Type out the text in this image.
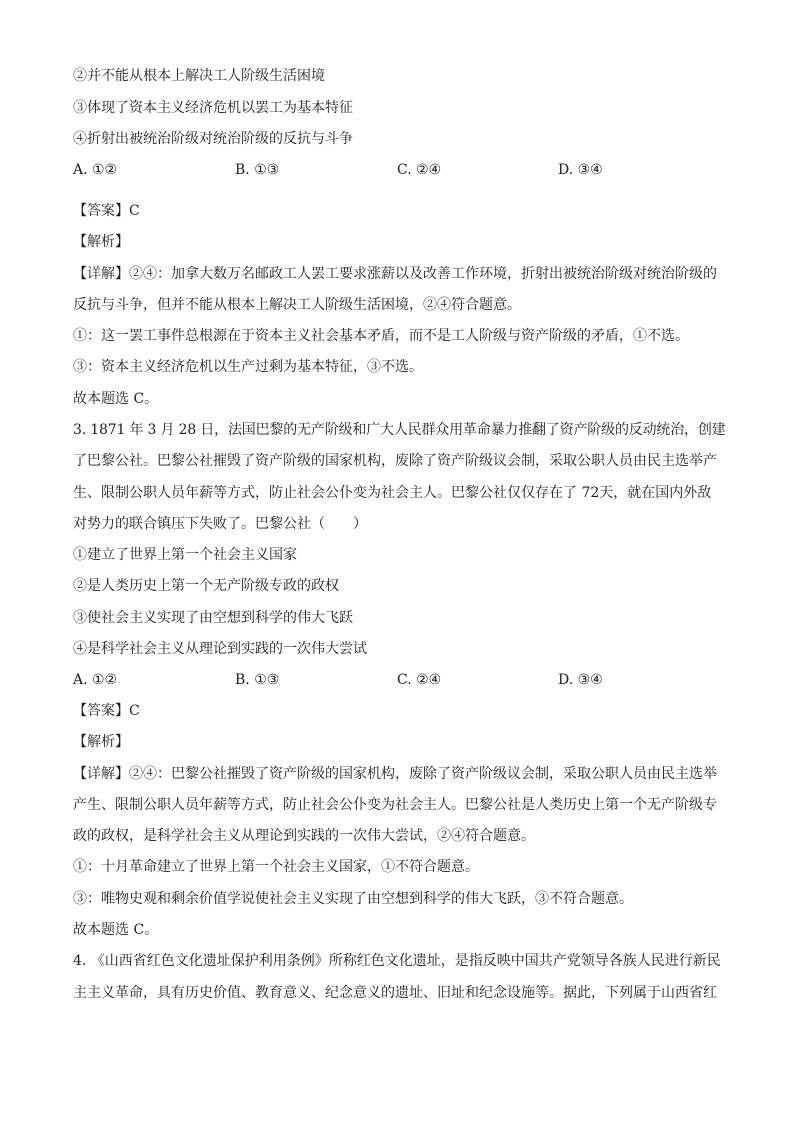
②并不能从根本上解决工人阶级生活困境
③体现了资本主义经济危机以罢工为基本特征
④折射出被统治阶级对统治阶级的反抗与斗争
A. ①②	B. ①③	C. ②④	D. ③④
【答案】C
【解析】
【详解】②④：加拿大数万名邮政工人罢工要求涨薪以及改善工作环境，折射出被统治阶级对统治阶级的
反抗与斗争，但并不能从根本上解决工人阶级生活困境，②④符合题意。
①：这一罢工事件总根源在于资本主义社会基本矛盾，而不是工人阶级与资产阶级的矛盾，①不选。
③：资本主义经济危机以生产过剩为基本特征，③不选。
故本题选 C。
3. 1871 年 3 月 28 日，法国巴黎的无产阶级和广大人民群众用革命暴力推翻了资产阶级的反动统治，创建
了巴黎公社。巴黎公社摧毁了资产阶级的国家机构，废除了资产阶级议会制，采取公职人员由民主选举产
生、限制公职人员年薪等方式，防止社会公仆变为社会主人。巴黎公社仅仅存在了 72天，就在国内外敌
对势力的联合镇压下失败了。巴黎公社（　　）
①建立了世界上第一个社会主义国家
②是人类历史上第一个无产阶级专政的政权
③使社会主义实现了由空想到科学的伟大飞跃
④是科学社会主义从理论到实践的一次伟大尝试
A. ①②	B. ①③	C. ②④	D. ③④
【答案】C
【解析】
【详解】②④：巴黎公社摧毁了资产阶级的国家机构，废除了资产阶级议会制，采取公职人员由民主选举
产生、限制公职人员年薪等方式，防止社会公仆变为社会主人。巴黎公社是人类历史上第一个无产阶级专
政的政权，是科学社会主义从理论到实践的一次伟大尝试，②④符合题意。
①：十月革命建立了世界上第一个社会主义国家，①不符合题意。
③：唯物史观和剩余价值学说使社会主义实现了由空想到科学的伟大飞跃，③不符合题意。
故本题选 C。
4. 《山西省红色文化遗址保护利用条例》所称红色文化遗址，是指反映中国共产党领导各族人民进行新民
主主义革命，具有历史价值、教育意义、纪念意义的遗址、旧址和纪念设施等。据此，下列属于山西省红
